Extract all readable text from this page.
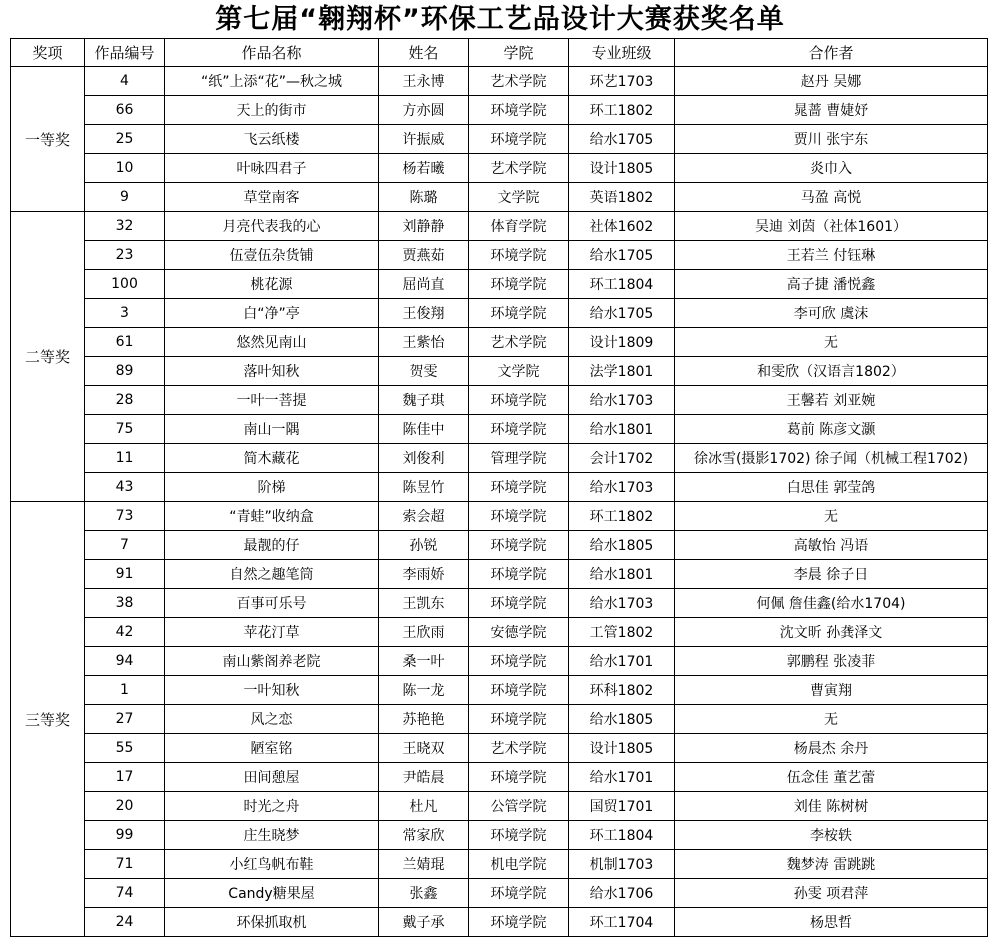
第七届“翱翔杯”环保工艺品设计大赛获奖名单
奖项	作品编号	作品名称	姓名	学院	专业班级	合作者
一等奖	4	“纸”上添“花”—秋之城	王永博	艺术学院	环艺1703	赵丹 吴娜
	66	天上的街市	方亦圆	环境学院	环工1802	晁蔷 曹婕妤
	25	飞云纸楼	许振威	环境学院	给水1705	贾川 张宇东
	10	叶咏四君子	杨若曦	艺术学院	设计1805	炎巾入
	9	草堂南客	陈璐	文学院	英语1802	马盈 高悦
二等奖	32	月亮代表我的心	刘静静	体育学院	社体1602	吴迪 刘茵（社体1601）
	23	伍壹伍杂货铺	贾燕茹	环境学院	给水1705	王若兰 付钰琳
	100	桃花源	屈尚直	环境学院	环工1804	高子捷 潘悦鑫
	3	白“净”亭	王俊翔	环境学院	给水1705	李可欣 虞沫
	61	悠然见南山	王紫怡	艺术学院	设计1809	无
	89	落叶知秋	贺雯	文学院	法学1801	和雯欣（汉语言1802）
	28	一叶一菩提	魏子琪	环境学院	给水1703	王馨若 刘亚婉
	75	南山一隅	陈佳中	环境学院	给水1801	葛前 陈彦文灏
	11	简木藏花	刘俊利	管理学院	会计1702	徐冰雪(摄影1702) 徐子闻（机械工程1702)
	43	阶梯	陈昱竹	环境学院	给水1703	白思佳 郭莹鸽
三等奖	73	“青蛙”收纳盒	索会超	环境学院	环工1802	无
	7	最靓的仔	孙锐	环境学院	给水1805	高敏怡 冯语
	91	自然之趣笔筒	李雨娇	环境学院	给水1801	李晨 徐子日
	38	百事可乐号	王凯东	环境学院	给水1703	何佩 詹佳鑫(给水1704)
	42	苹花汀草	王欣雨	安德学院	工管1802	沈文昕 孙龚泽文
	94	南山紫阁养老院	桑一叶	环境学院	给水1701	郭鹏程 张凌菲
	1	一叶知秋	陈一龙	环境学院	环科1802	曹寅翔
	27	风之恋	苏艳艳	环境学院	给水1805	无
	55	陋室铭	王晓双	艺术学院	设计1805	杨晨杰 余丹
	17	田间憩屋	尹皓晨	环境学院	给水1701	伍念佳 董艺蕾
	20	时光之舟	杜凡	公管学院	国贸1701	刘佳 陈树树
	99	庄生晓梦	常家欣	环境学院	环工1804	李桉轶
	71	小红鸟帆布鞋	兰婧琨	机电学院	机制1703	魏梦涛 雷跳跳
	74	Candy糖果屋	张鑫	环境学院	给水1706	孙雯 项君萍
	24	环保抓取机	戴子承	环境学院	环工1704	杨思哲
